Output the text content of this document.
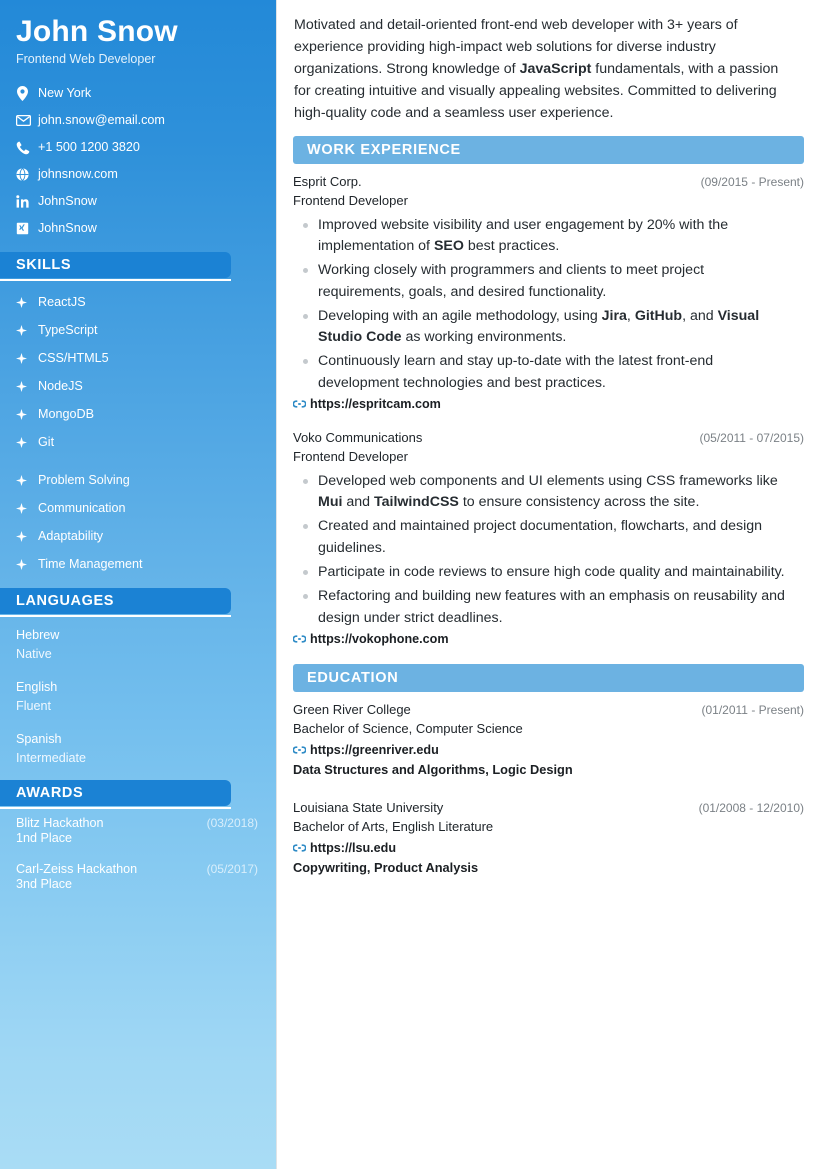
John Snow
Frontend Web Developer
New York
john.snow@email.com
+1 500 1200 3820
johnsnow.com
JohnSnow
JohnSnow
SKILLS
ReactJS
TypeScript
CSS/HTML5
NodeJS
MongoDB
Git
Problem Solving
Communication
Adaptability
Time Management
LANGUAGES
Hebrew
Native
English
Fluent
Spanish
Intermediate
AWARDS
Blitz Hackathon	(03/2018)
1nd Place
Carl-Zeiss Hackathon	(05/2017)
3nd Place

Motivated and detail-oriented front-end web developer with 3+ years of experience providing high-impact web solutions for diverse industry organizations. Strong knowledge of JavaScript fundamentals, with a passion for creating intuitive and visually appealing websites. Committed to delivering high-quality code and a seamless user experience.

WORK EXPERIENCE
Esprit Corp.	(09/2015 - Present)
Frontend Developer
Improved website visibility and user engagement by 20% with the implementation of SEO best practices.
Working closely with programmers and clients to meet project requirements, goals, and desired functionality.
Developing with an agile methodology, using Jira, GitHub, and Visual Studio Code as working environments.
Continuously learn and stay up-to-date with the latest front-end development technologies and best practices.
https://espritcam.com
Voko Communications	(05/2011 - 07/2015)
Frontend Developer
Developed web components and UI elements using CSS frameworks like Mui and TailwindCSS to ensure consistency across the site.
Created and maintained project documentation, flowcharts, and design guidelines.
Participate in code reviews to ensure high code quality and maintainability.
Refactoring and building new features with an emphasis on reusability and design under strict deadlines.
https://vokophone.com
EDUCATION
Green River College	(01/2011 - Present)
Bachelor of Science, Computer Science
https://greenriver.edu
Data Structures and Algorithms, Logic Design
Louisiana State University	(01/2008 - 12/2010)
Bachelor of Arts, English Literature
https://lsu.edu
Copywriting, Product Analysis
